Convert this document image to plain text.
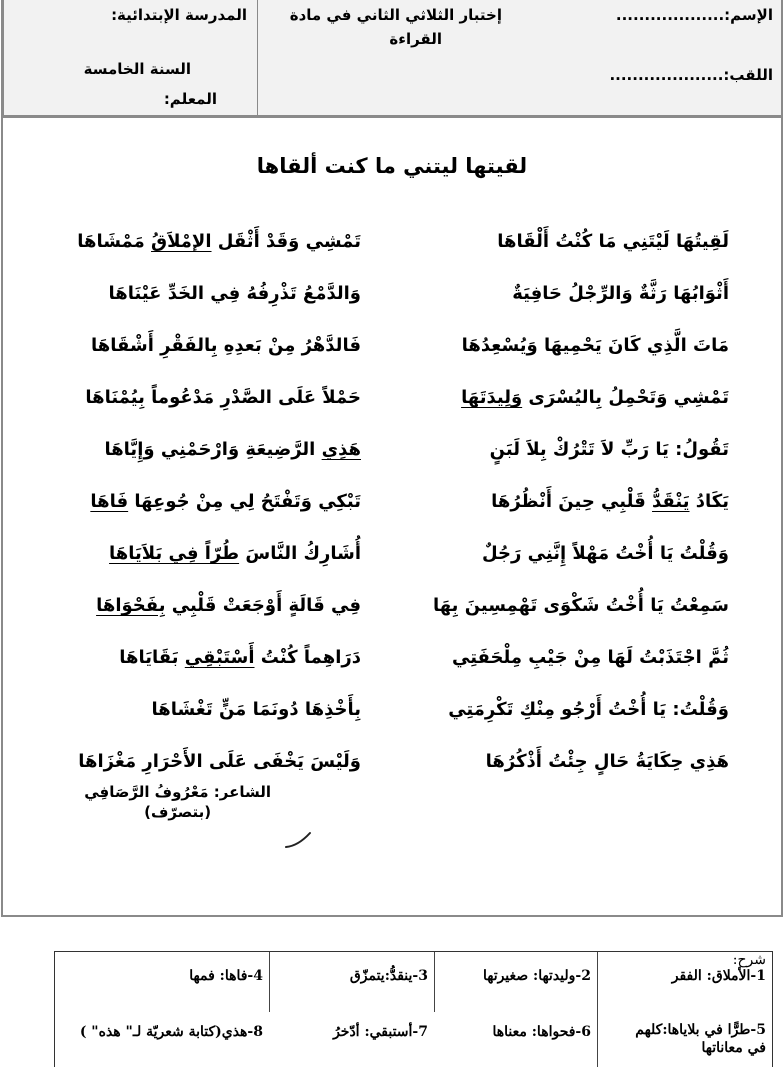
الإسم:...................
اللقب:....................
إختبار الثلاثي الثاني في مادة
القراءة
المدرسة الإبتدائية:
السنة الخامسة
المعلم:
لقيتها ليتني ما كنت ألقاها
لَقِيتُهَا لَيْتَنِي مَا كُنْتُ أَلْقَاهَا
تَمْشِي وَقَدْ أَثْقَل الإمْلاَقُ مَمْشَاهَا
أَثْوَابُهَا رَثَّةٌ وَالرِّجْلُ حَافِيَةٌ
وَالدَّمْعُ تَذْرِفُهُ فِي الخَدِّ عَيْنَاهَا
مَاتَ الَّذِي كَانَ يَحْمِيهَا وَيُسْعِدُهَا
فَالدَّهْرُ مِنْ بَعدِهِ بِالفَقْرِ أَشْقَاهَا
تَمْشِي وَتَحْمِلُ بِاليُسْرَى وَلِيدَتَهَا
حَمْلاً عَلَى الصَّدْرِ مَدْعُوماً بِيُمْنَاهَا
تَقُولُ: يَا رَبِّ لاَ تَتْرُكْ بِلاَ لَبَنٍ
هَذِي الرَّضِيعَةِ وَارْحَمْنِي وَإِيَّاهَا
يَكَادُ يَنْقَدُّ قَلْبِي حِينَ أَنْظُرُهَا
تَبْكِي وَتَفْتَحُ لِي مِنْ جُوعِهَا فَاهَا
وَقُلْتُ يَا أُخْتُ مَهْلاً إِنَّنِي رَجُلٌ
أُشَارِكُ النَّاسَ طُرّاً فِي بَلاَيَاهَا
سَمِعْتُ يَا أُخْتُ شَكْوَى تَهْمِسِينَ بِهَا
فِي قَالَةٍ أَوْجَعَتْ قَلْبِي بِفَحْوَاهَا
ثُمَّ اجْتَذَبْتُ لَهَا مِنْ جَيْبِ مِلْحَفَتِي
دَرَاهِماً كُنْتُ أَسْتَبْقِي بَقَايَاهَا
وَقُلْتُ: يَا أُخْتُ أَرْجُو مِنْكِ تَكْرِمَتِي
بِأَخْذِهَا دُونَمَا مَنٍّ تَغْشَاهَا
هَذِي حِكَايَةُ حَالٍ جِئْتُ أَذْكُرُهَا
وَلَيْسَ يَخْفَى عَلَى الأَحْرَارِ مَغْزَاهَا
الشاعر: مَعْرُوفُ الرَّصَافِي
(بتصرّف)
شرح:
1-الأملاق: الفقر
5-طرًّا في بلاياها:كلهم
في معاناتها
2-وليدتها: صغيرتها
6-فحواها: معناها
3-ينقدُّ:يتمزّق
7-أستبقي: أدّخرُ
4-فاها: فمها
8-هذي(كتابة شعريّة لـ" هذه" )
